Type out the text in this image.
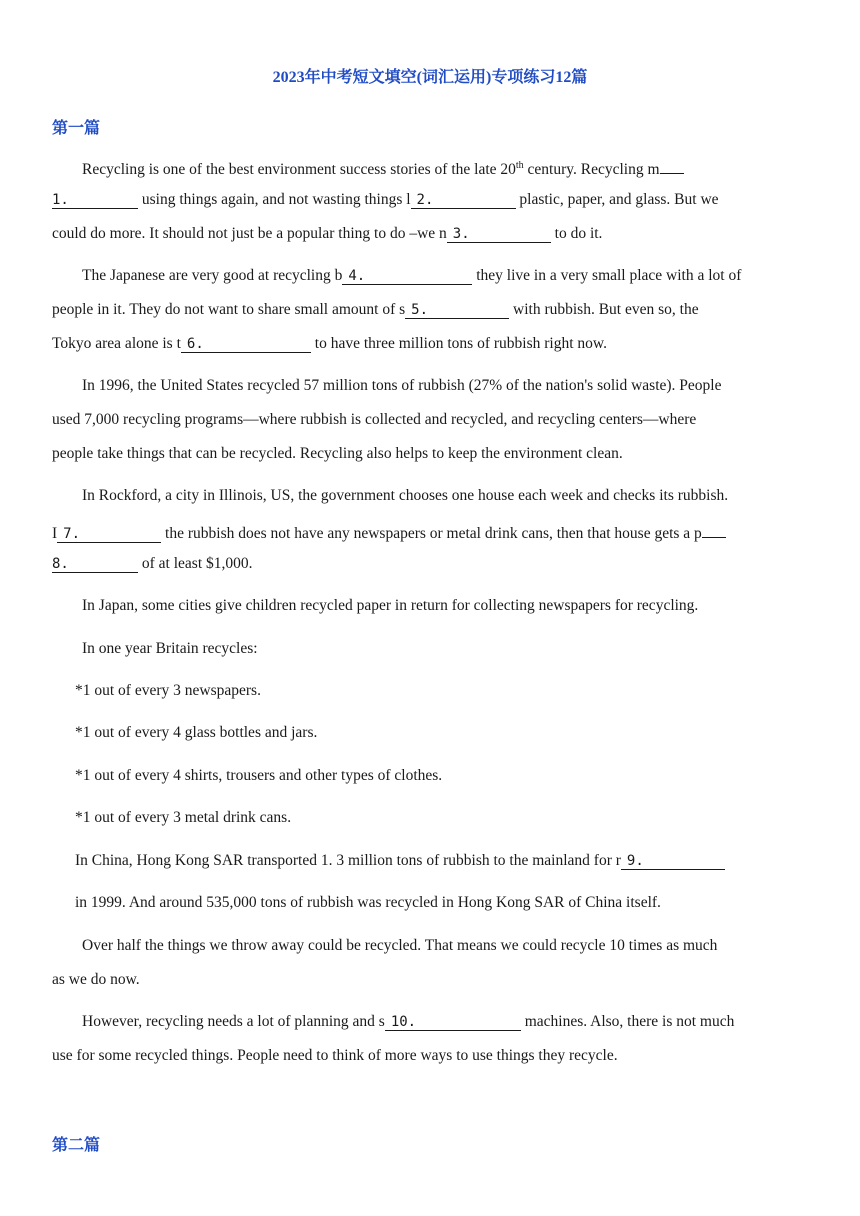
2023年中考短文填空(词汇运用)专项练习12篇
第一篇
Recycling is one of the best environment success stories of the late 20th century. Recycling m
1.	using things again, and not wasting things l 2.	plastic, paper, and glass. But we
could do more. It should not just be a popular thing to do –we n 3.	to do it.
The Japanese are very good at recycling b 4.	they live in a very small place with a lot of
people in it. They do not want to share small amount of s 5.	with rubbish. But even so, the
Tokyo area alone is t 6.	to have three million tons of rubbish right now.
In 1996, the United States recycled 57 million tons of rubbish (27% of the nation's solid waste). People
used 7,000 recycling programs—where rubbish is collected and recycled, and recycling centers—where
people take things that can be recycled. Recycling also helps to keep the environment clean.
In Rockford, a city in Illinois, US, the government chooses one house each week and checks its rubbish.
I 7.	the rubbish does not have any newspapers or metal drink cans, then that house gets a p
8.	of at least $1,000.
In Japan, some cities give children recycled paper in return for collecting newspapers for recycling.
In one year Britain recycles:
*1 out of every 3 newspapers.
*1 out of every 4 glass bottles and jars.
*1 out of every 4 shirts, trousers and other types of clothes.
*1 out of every 3 metal drink cans.
In China, Hong Kong SAR transported 1. 3 million tons of rubbish to the mainland for r 9.
in 1999. And around 535,000 tons of rubbish was recycled in Hong Kong SAR of China itself.
Over half the things we throw away could be recycled. That means we could recycle 10 times as much
as we do now.
However, recycling needs a lot of planning and s 10.	machines. Also, there is not much
use for some recycled things. People need to think of more ways to use things they recycle.
第二篇
